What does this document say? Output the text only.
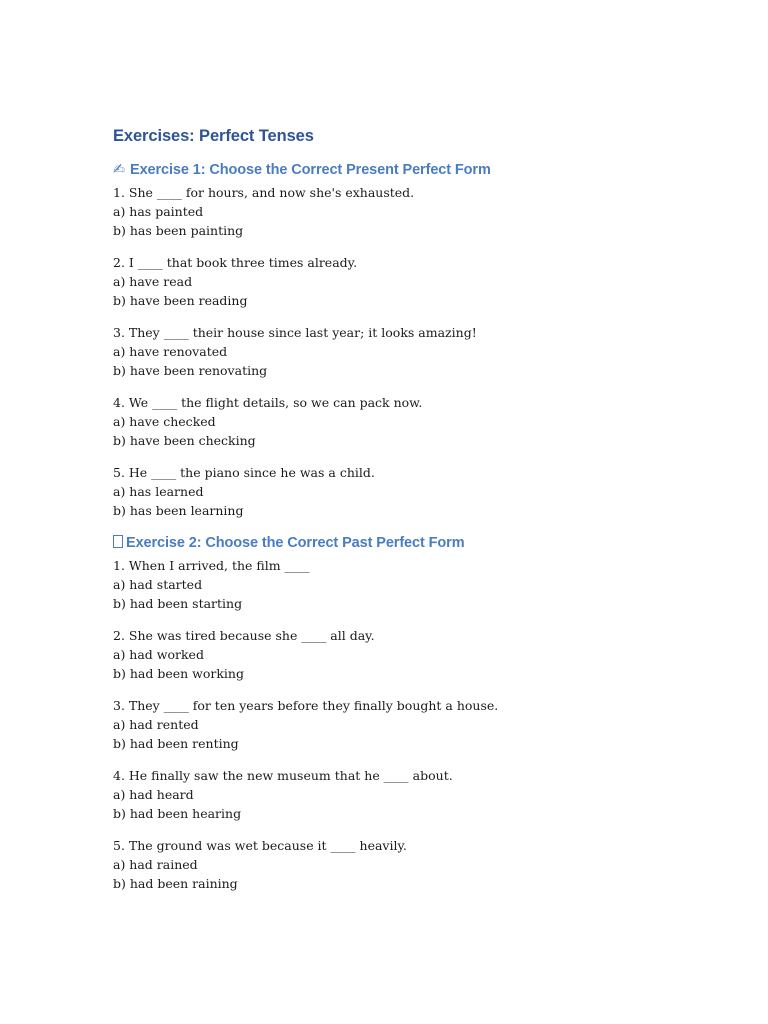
Exercises: Perfect Tenses
✍ Exercise 1: Choose the Correct Present Perfect Form
1. She ____ for hours, and now she's exhausted.
a) has painted
b) has been painting
2. I ____ that book three times already.
a) have read
b) have been reading
3. They ____ their house since last year; it looks amazing!
a) have renovated
b) have been renovating
4. We ____ the flight details, so we can pack now.
a) have checked
b) have been checking
5. He ____ the piano since he was a child.
a) has learned
b) has been learning
Exercise 2: Choose the Correct Past Perfect Form
1. When I arrived, the film ____
a) had started
b) had been starting
2. She was tired because she ____ all day.
a) had worked
b) had been working
3. They ____ for ten years before they finally bought a house.
a) had rented
b) had been renting
4. He finally saw the new museum that he ____ about.
a) had heard
b) had been hearing
5. The ground was wet because it ____ heavily.
a) had rained
b) had been raining
